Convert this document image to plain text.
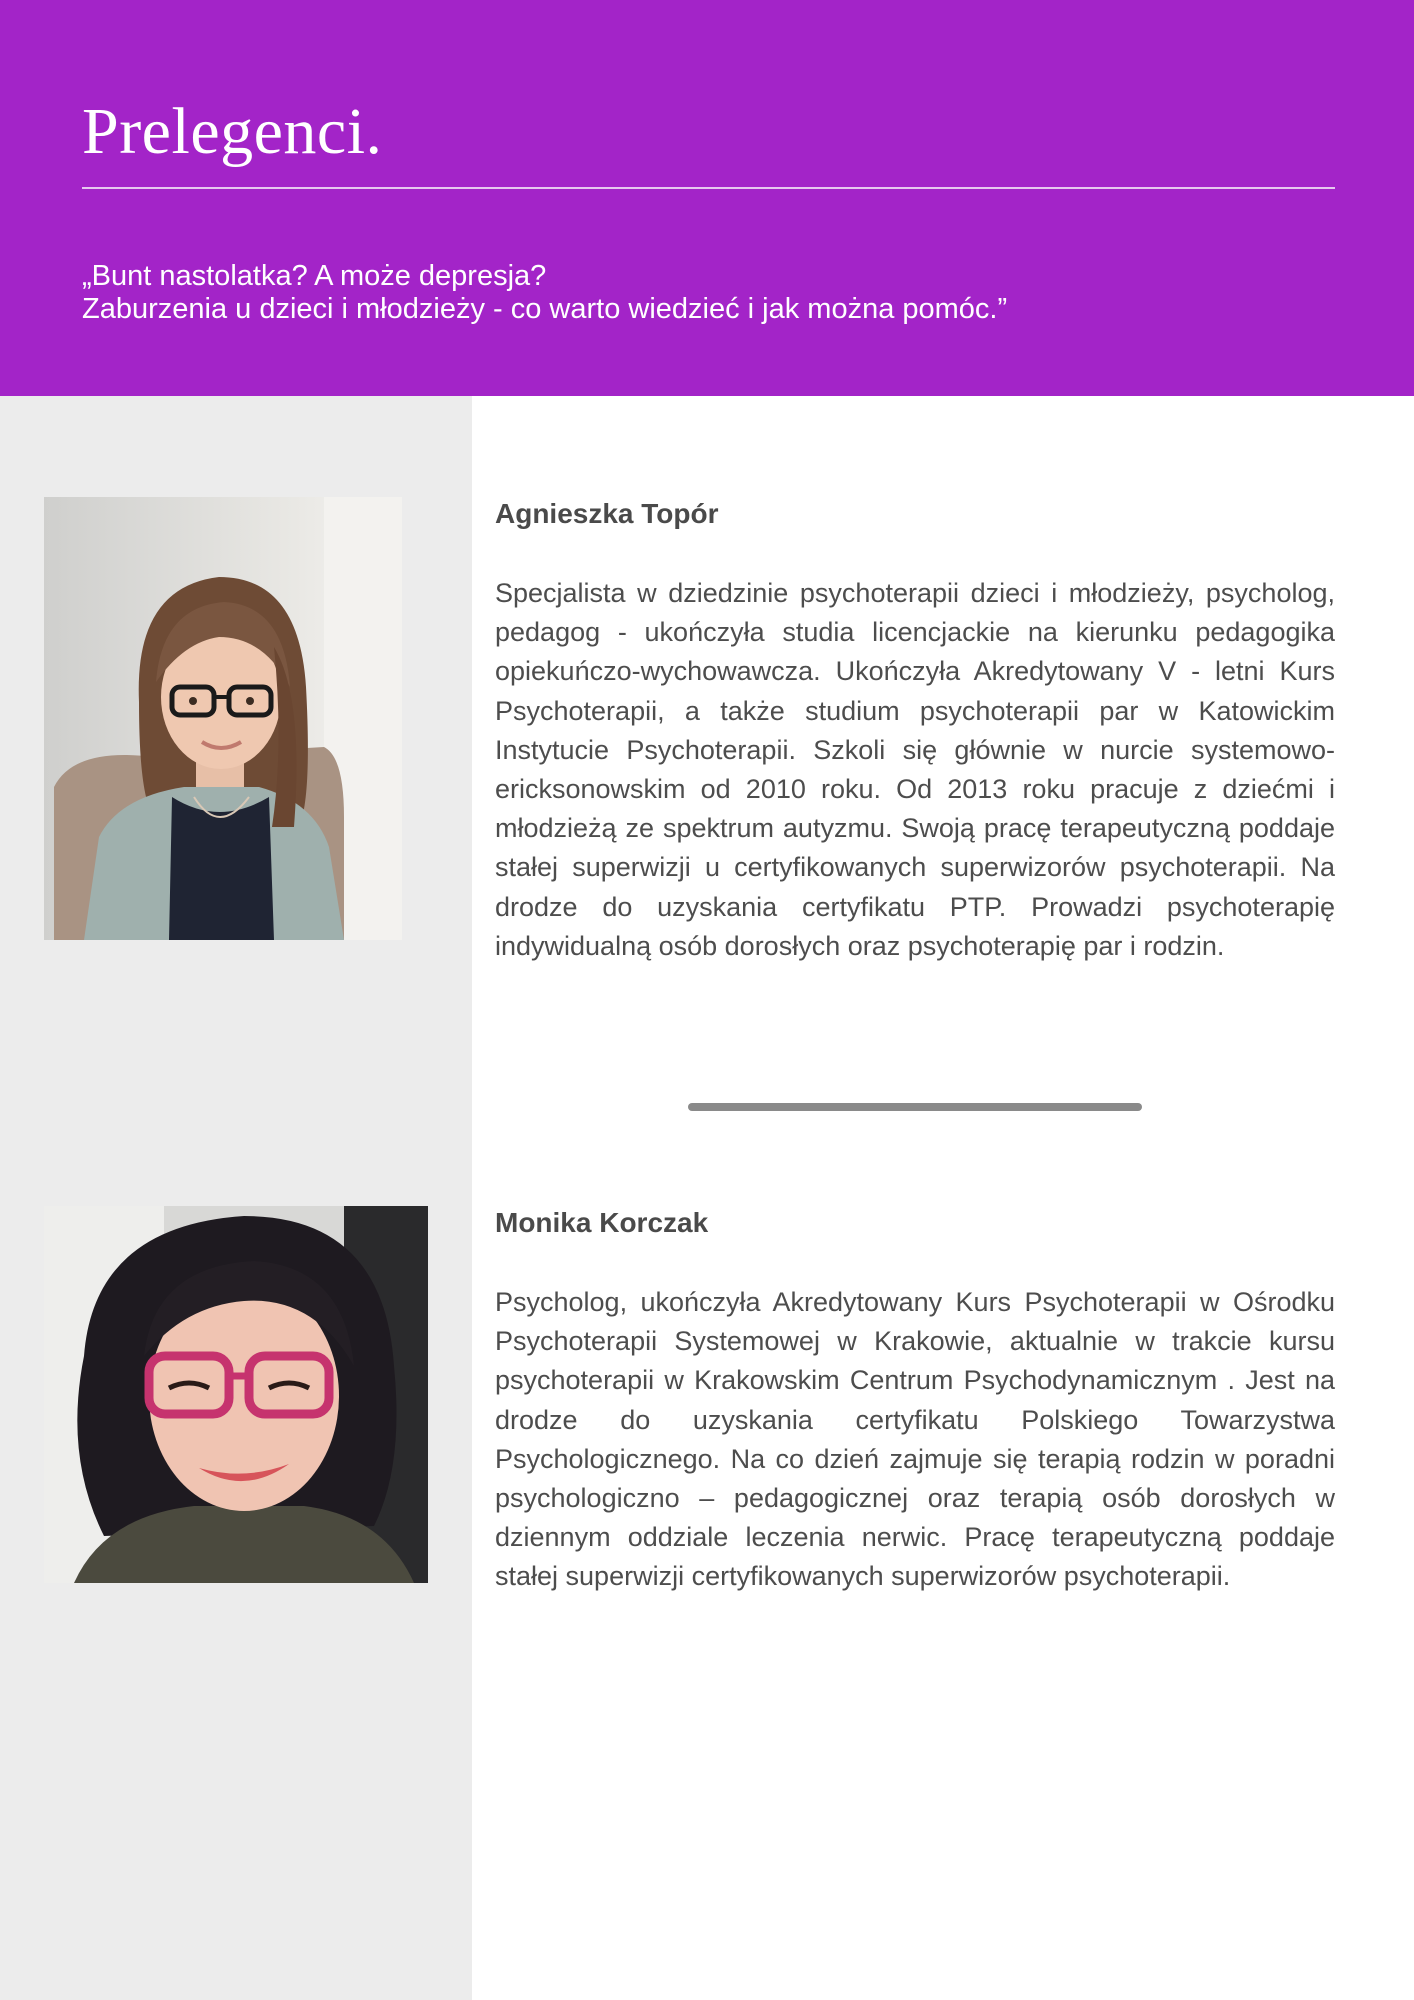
Prelegenci.
„Bunt nastolatka? A może depresja?
Zaburzenia u dzieci i młodzieży - co warto wiedzieć i jak można pomóc.”
Agnieszka Topór

Specjalista w dziedzinie psychoterapii dzieci i młodzieży, psycholog, pedagog - ukończyła studia licencjackie na kierunku pedagogika opiekuńczo-wychowawcza. Ukończyła Akredytowany V - letni Kurs Psychoterapii, a także studium psychoterapii par w Katowickim Instytucie Psychoterapii. Szkoli się głównie w nurcie systemowo-ericksonowskim od 2010 roku. Od 2013 roku pracuje z dziećmi i młodzieżą ze spektrum autyzmu. Swoją pracę terapeutyczną poddaje stałej superwizji u certyfikowanych superwizorów psychoterapii. Na drodze do uzyskania certyfikatu PTP. Prowadzi psychoterapię indywidualną osób dorosłych oraz psychoterapię par i rodzin.

Monika Korczak

Psycholog, ukończyła Akredytowany Kurs Psychoterapii w Ośrodku Psychoterapii Systemowej w Krakowie, aktualnie w trakcie kursu psychoterapii w Krakowskim Centrum Psychodynamicznym . Jest na drodze do uzyskania certyfikatu Polskiego Towarzystwa Psychologicznego. Na co dzień zajmuje się terapią rodzin w poradni psychologiczno – pedagogicznej oraz terapią osób dorosłych w dziennym oddziale leczenia nerwic. Pracę terapeutyczną poddaje stałej superwizji certyfikowanych superwizorów psychoterapii.
